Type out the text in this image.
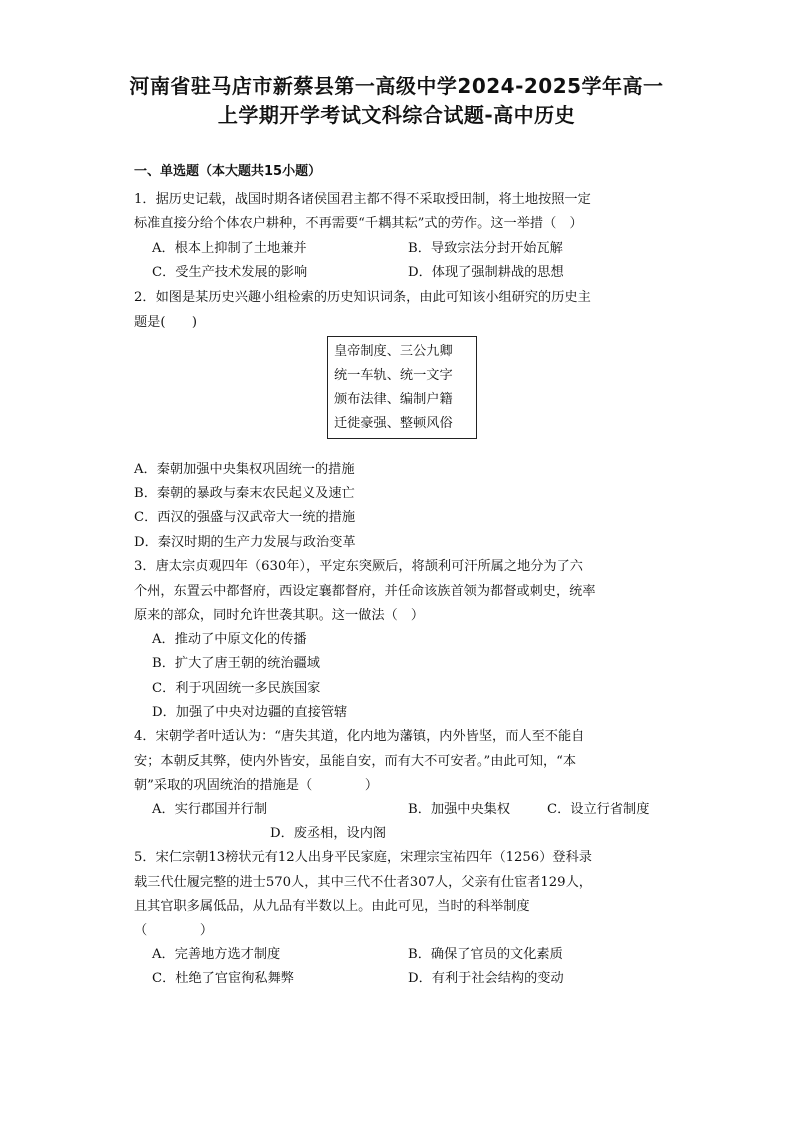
河南省驻马店市新蔡县第一高级中学2024-2025学年高一
上学期开学考试文科综合试题-高中历史
一、单选题（本大题共15小题）
1．据历史记载，战国时期各诸侯国君主都不得不采取授田制，将土地按照一定
标准直接分给个体农户耕种，不再需要“千耦其耘”式的劳作。这一举措（　）
A．根本上抑制了土地兼并	B．导致宗法分封开始瓦解
C．受生产技术发展的影响	D．体现了强制耕战的思想
2．如图是某历史兴趣小组检索的历史知识词条，由此可知该小组研究的历史主
题是(　　)
皇帝制度、三公九卿
统一车轨、统一文字
颁布法律、编制户籍
迁徙豪强、整顿风俗
A．秦朝加强中央集权巩固统一的措施
B．秦朝的暴政与秦末农民起义及速亡
C．西汉的强盛与汉武帝大一统的措施
D．秦汉时期的生产力发展与政治变革
3．唐太宗贞观四年（630年），平定东突厥后，将颉利可汗所属之地分为了六
个州，东置云中都督府，西设定襄都督府，并任命该族首领为都督或刺史，统率
原来的部众，同时允许世袭其职。这一做法（　）
A．推动了中原文化的传播
B．扩大了唐王朝的统治疆域
C．利于巩固统一多民族国家
D．加强了中央对边疆的直接管辖
4．宋朝学者叶适认为：“唐失其道，化内地为藩镇，内外皆坚，而人至不能自
安；本朝反其弊，使内外皆安，虽能自安，而有大不可安者。”由此可知，“本
朝”采取的巩固统治的措施是（　　　　）
A．实行郡国并行制	B．加强中央集权	C．设立行省制度
D．废丞相，设内阁
5．宋仁宗朝13榜状元有12人出身平民家庭，宋理宗宝祐四年（1256）登科录
载三代仕履完整的进士570人，其中三代不仕者307人，父亲有仕宦者129人，
且其官职多属低品，从九品有半数以上。由此可见，当时的科举制度
（　　　　）
A．完善地方选才制度	B．确保了官员的文化素质
C．杜绝了官宦徇私舞弊	D．有利于社会结构的变动
